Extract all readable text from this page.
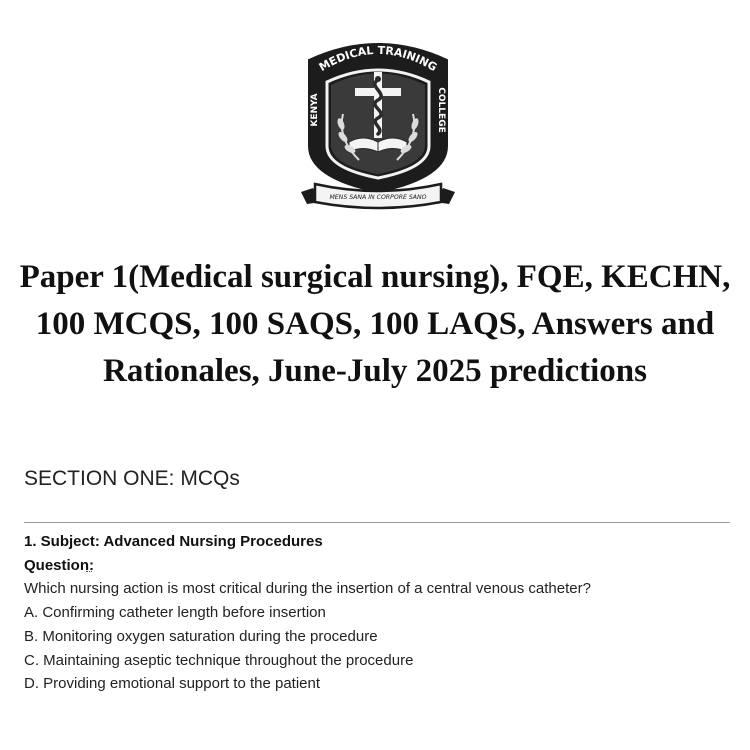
MEDICAL TRAINING
KENYA
COLLEGE
MENS SANA IN CORPORE SANO
Paper 1(Medical surgical nursing), FQE, KECHN, 100 MCQS, 100 SAQS, 100 LAQS, Answers and Rationales, June-July 2025 predictions
SECTION ONE: MCQs
1. Subject: Advanced Nursing Procedures
Question:
Which nursing action is most critical during the insertion of a central venous catheter?
A. Confirming catheter length before insertion
B. Monitoring oxygen saturation during the procedure
C. Maintaining aseptic technique throughout the procedure
D. Providing emotional support to the patient
